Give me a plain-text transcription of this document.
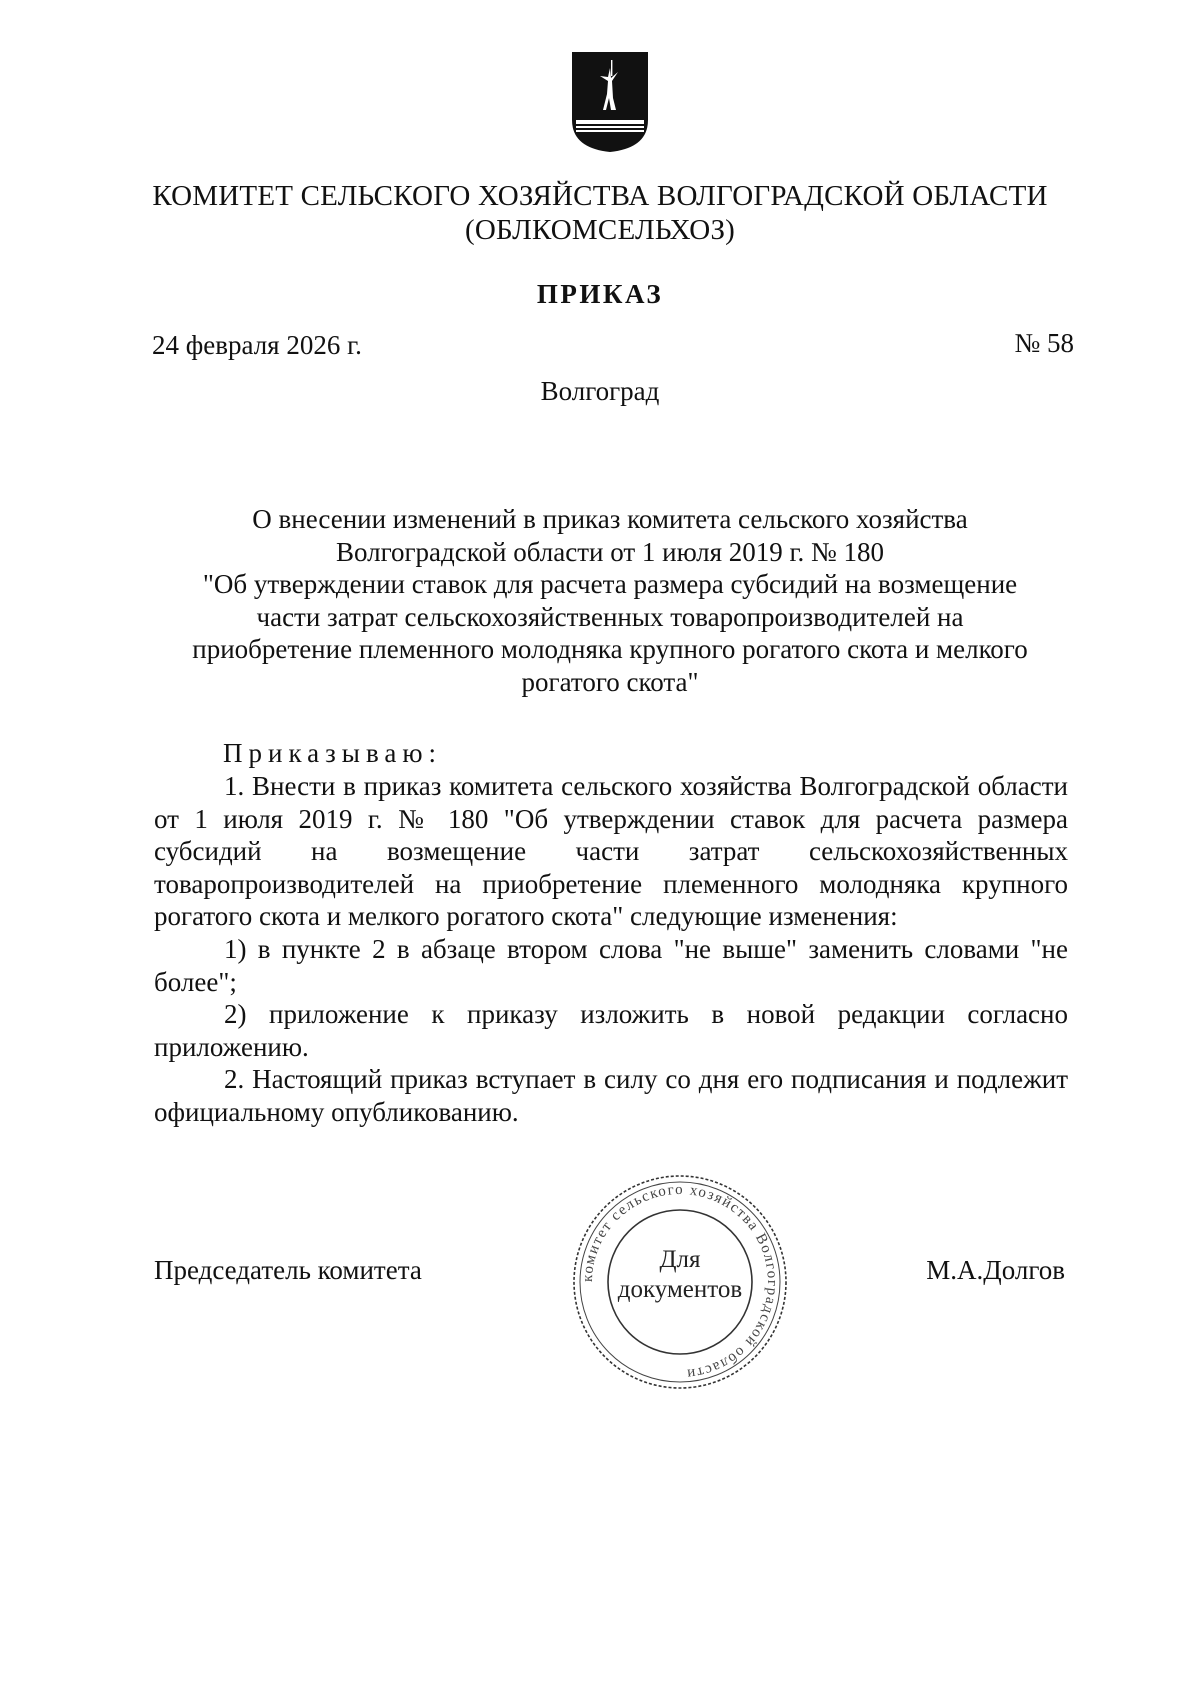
КОМИТЕТ СЕЛЬСКОГО ХОЗЯЙСТВА ВОЛГОГРАДСКОЙ ОБЛАСТИ
(ОБЛКОМСЕЛЬХОЗ)
ПРИКАЗ
24 февраля 2026 г.	№ 58
Волгоград
О внесении изменений в приказ комитета сельского хозяйства
Волгоградской области от 1 июля 2019 г. № 180
"Об утверждении ставок для расчета размера субсидий на возмещение
части затрат сельскохозяйственных товаропроизводителей на
приобретение племенного молодняка крупного рогатого скота и мелкого
рогатого скота"
Приказываю:

1. Внести в приказ комитета сельского хозяйства Волгоградской области от 1 июля 2019 г. № 180 "Об утверждении ставок для расчета размера субсидий на возмещение части затрат сельскохозяйственных товаропроизводителей на приобретение племенного молодняка крупного рогатого скота и мелкого рогатого скота" следующие изменения:

1) в пункте 2 в абзаце втором слова "не выше" заменить словами "не более";

2) приложение к приказу изложить в новой редакции согласно приложению.

2. Настоящий приказ вступает в силу со дня его подписания и подлежит официальному опубликованию.

Председатель комитета	комитет сельского хозяйства Волгоградской области
Для
документов
М.А.Долгов
